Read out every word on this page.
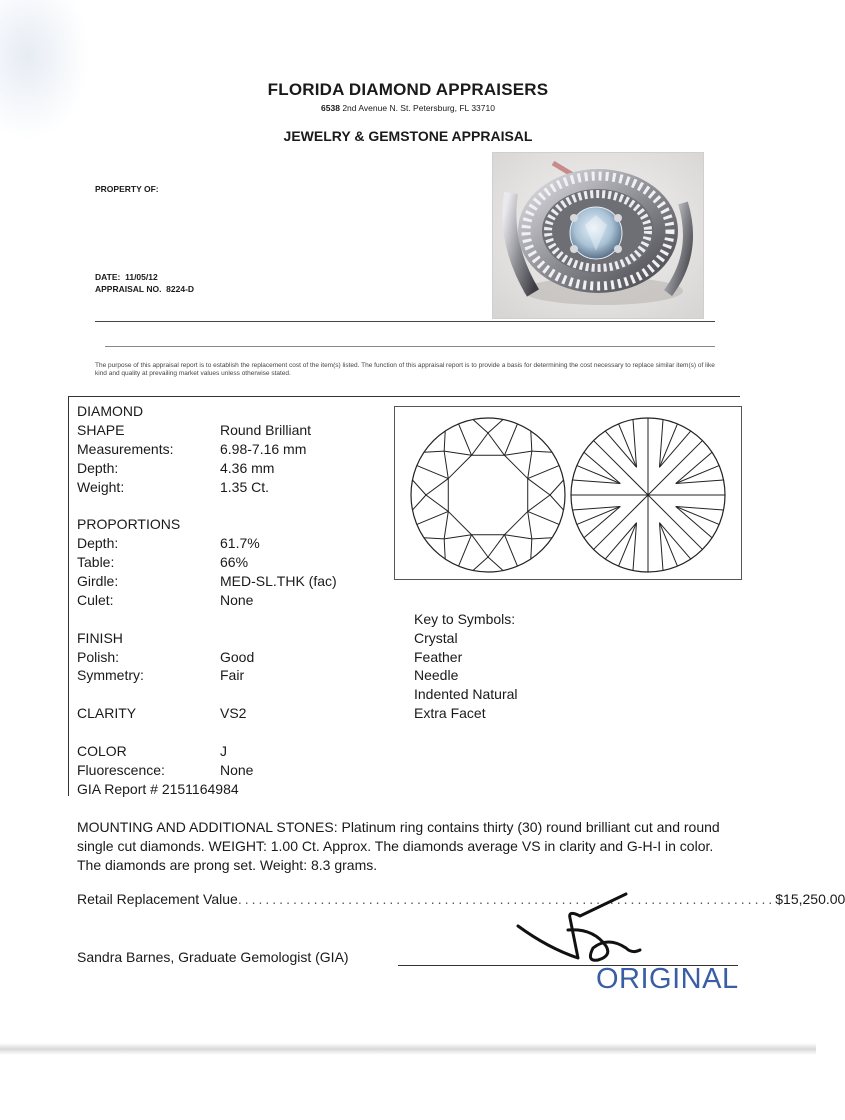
FLORIDA DIAMOND APPRAISERS
6538 2nd Avenue N. St. Petersburg, FL 33710
JEWELRY & GEMSTONE APPRAISAL
PROPERTY OF:
DATE: 11/05/12
APPRAISAL NO. 8224-D
The purpose of this appraisal report is to establish the replacement cost of the item(s) listed. The function of this appraisal report is to provide a basis for determining the cost necessary to replace similar item(s) of like kind and quality at prevailing market values unless otherwise stated.
DIAMOND
SHAPE	Round Brilliant
Measurements:	6.98-7.16 mm
Depth:	4.36 mm
Weight:	1.35 Ct.
PROPORTIONS
Depth:	61.7%
Table:	66%
Girdle:	MED-SL.THK (fac)
Culet:	None
FINISH
Polish:	Good
Symmetry:	Fair
CLARITY	VS2
COLOR	J
Fluorescence:	None
GIA Report # 2151164984
Key to Symbols:
Crystal
Feather
Needle
Indented Natural
Extra Facet
MOUNTING AND ADDITIONAL STONES: Platinum ring contains thirty (30) round brilliant cut and round single cut diamonds. WEIGHT: 1.00 Ct. Approx. The diamonds average VS in clarity and G-H-I in color. The diamonds are prong set. Weight: 8.3 grams.
Retail Replacement Value .............................................................................. $15,250.00
Sandra Barnes, Graduate Gemologist (GIA)
ORIGINAL
